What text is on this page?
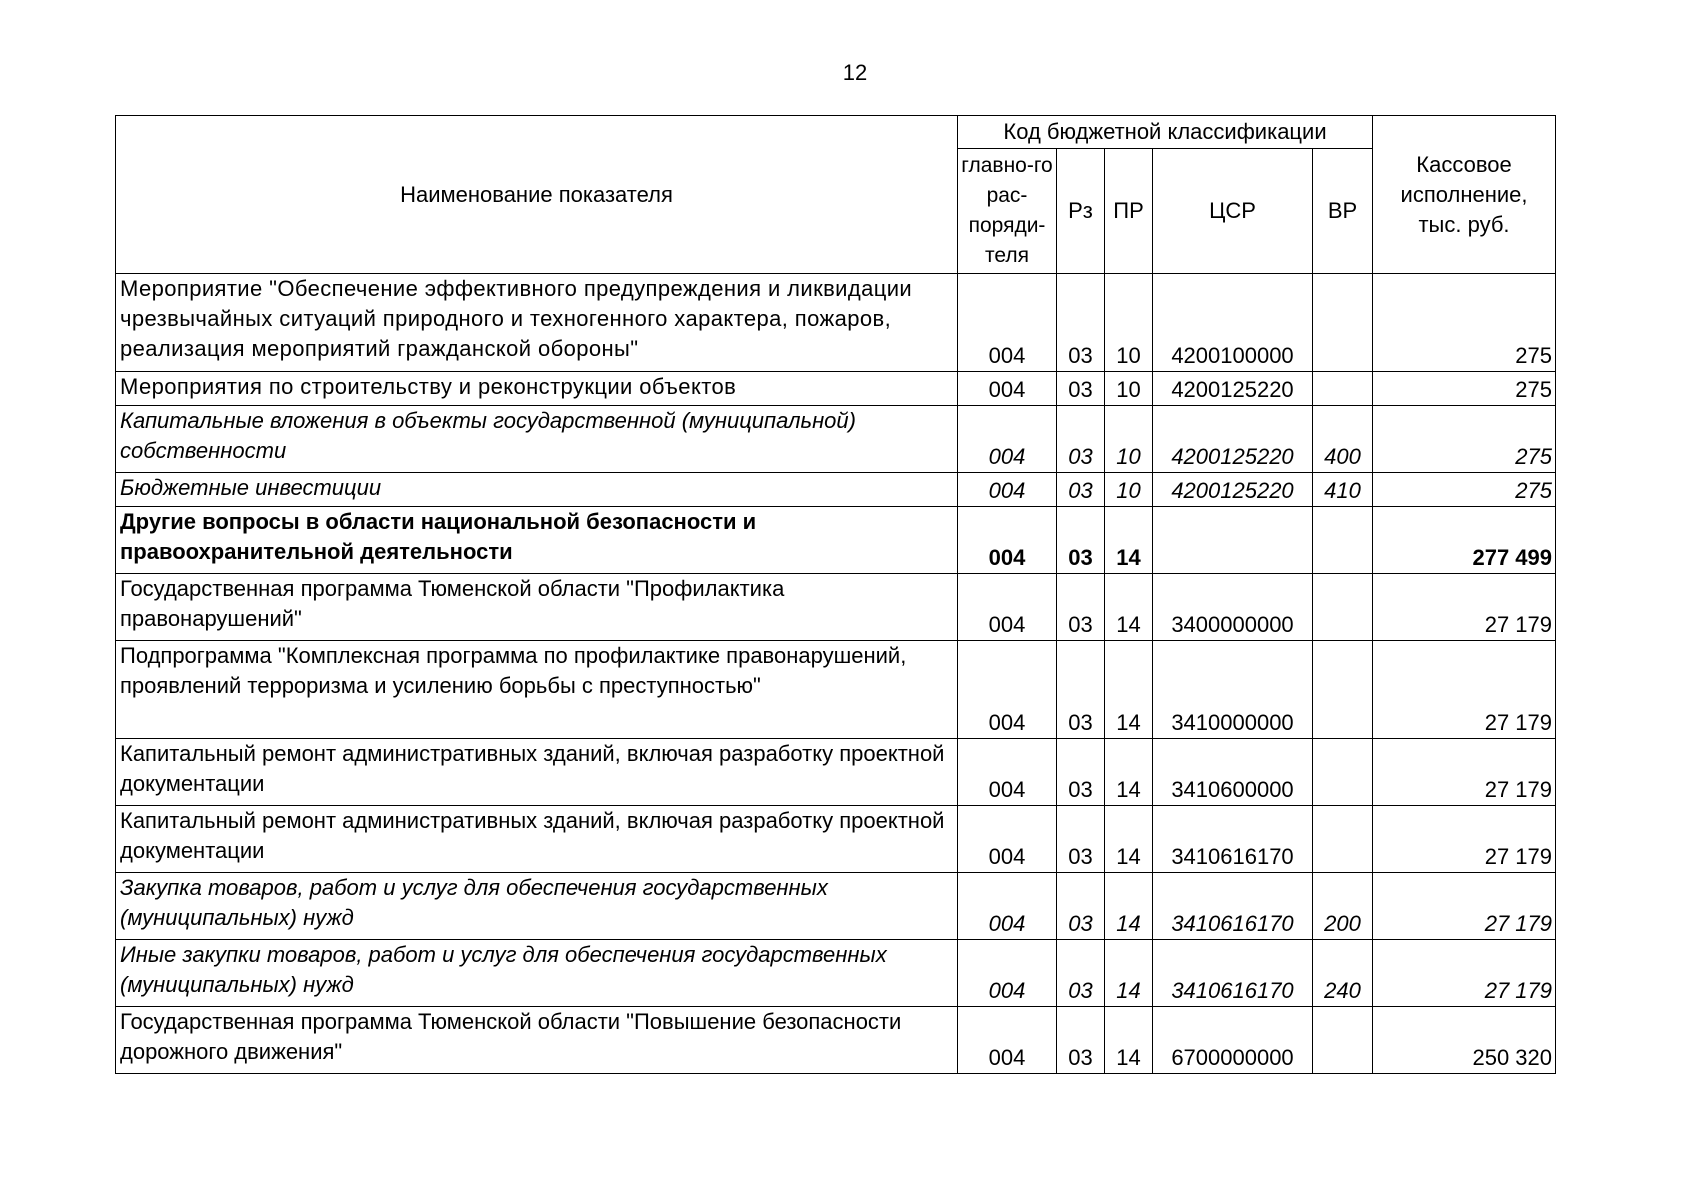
12
Наименование показателя	Код бюджетной классификации					Кассовое исполнение, тыс. руб.
	главно-го рас-поряди-теля	Рз	ПР	ЦСР	ВР	
Мероприятие "Обеспечение эффективного предупреждения и ликвидации чрезвычайных ситуаций природного и техногенного характера, пожаров, реализация мероприятий гражданской обороны"	004	03	10	4200100000		275
Мероприятия по строительству и реконструкции объектов	004	03	10	4200125220		275
Капитальные вложения в объекты государственной (муниципальной) собственности	004	03	10	4200125220	400	275
Бюджетные инвестиции	004	03	10	4200125220	410	275
Другие вопросы в области национальной безопасности и правоохранительной деятельности	004	03	14			277 499
Государственная программа Тюменской области "Профилактика правонарушений"	004	03	14	3400000000		27 179
Подпрограмма "Комплексная программа по профилактике правонарушений, проявлений терроризма и усилению борьбы с преступностью"	004	03	14	3410000000		27 179
Капитальный ремонт административных зданий, включая разработку проектной документации	004	03	14	3410600000		27 179
Капитальный ремонт административных зданий, включая разработку проектной документации	004	03	14	3410616170		27 179
Закупка товаров, работ и услуг для обеспечения государственных (муниципальных) нужд	004	03	14	3410616170	200	27 179
Иные закупки товаров, работ и услуг для обеспечения государственных (муниципальных) нужд	004	03	14	3410616170	240	27 179
Государственная программа Тюменской области "Повышение безопасности дорожного движения"	004	03	14	6700000000		250 320
